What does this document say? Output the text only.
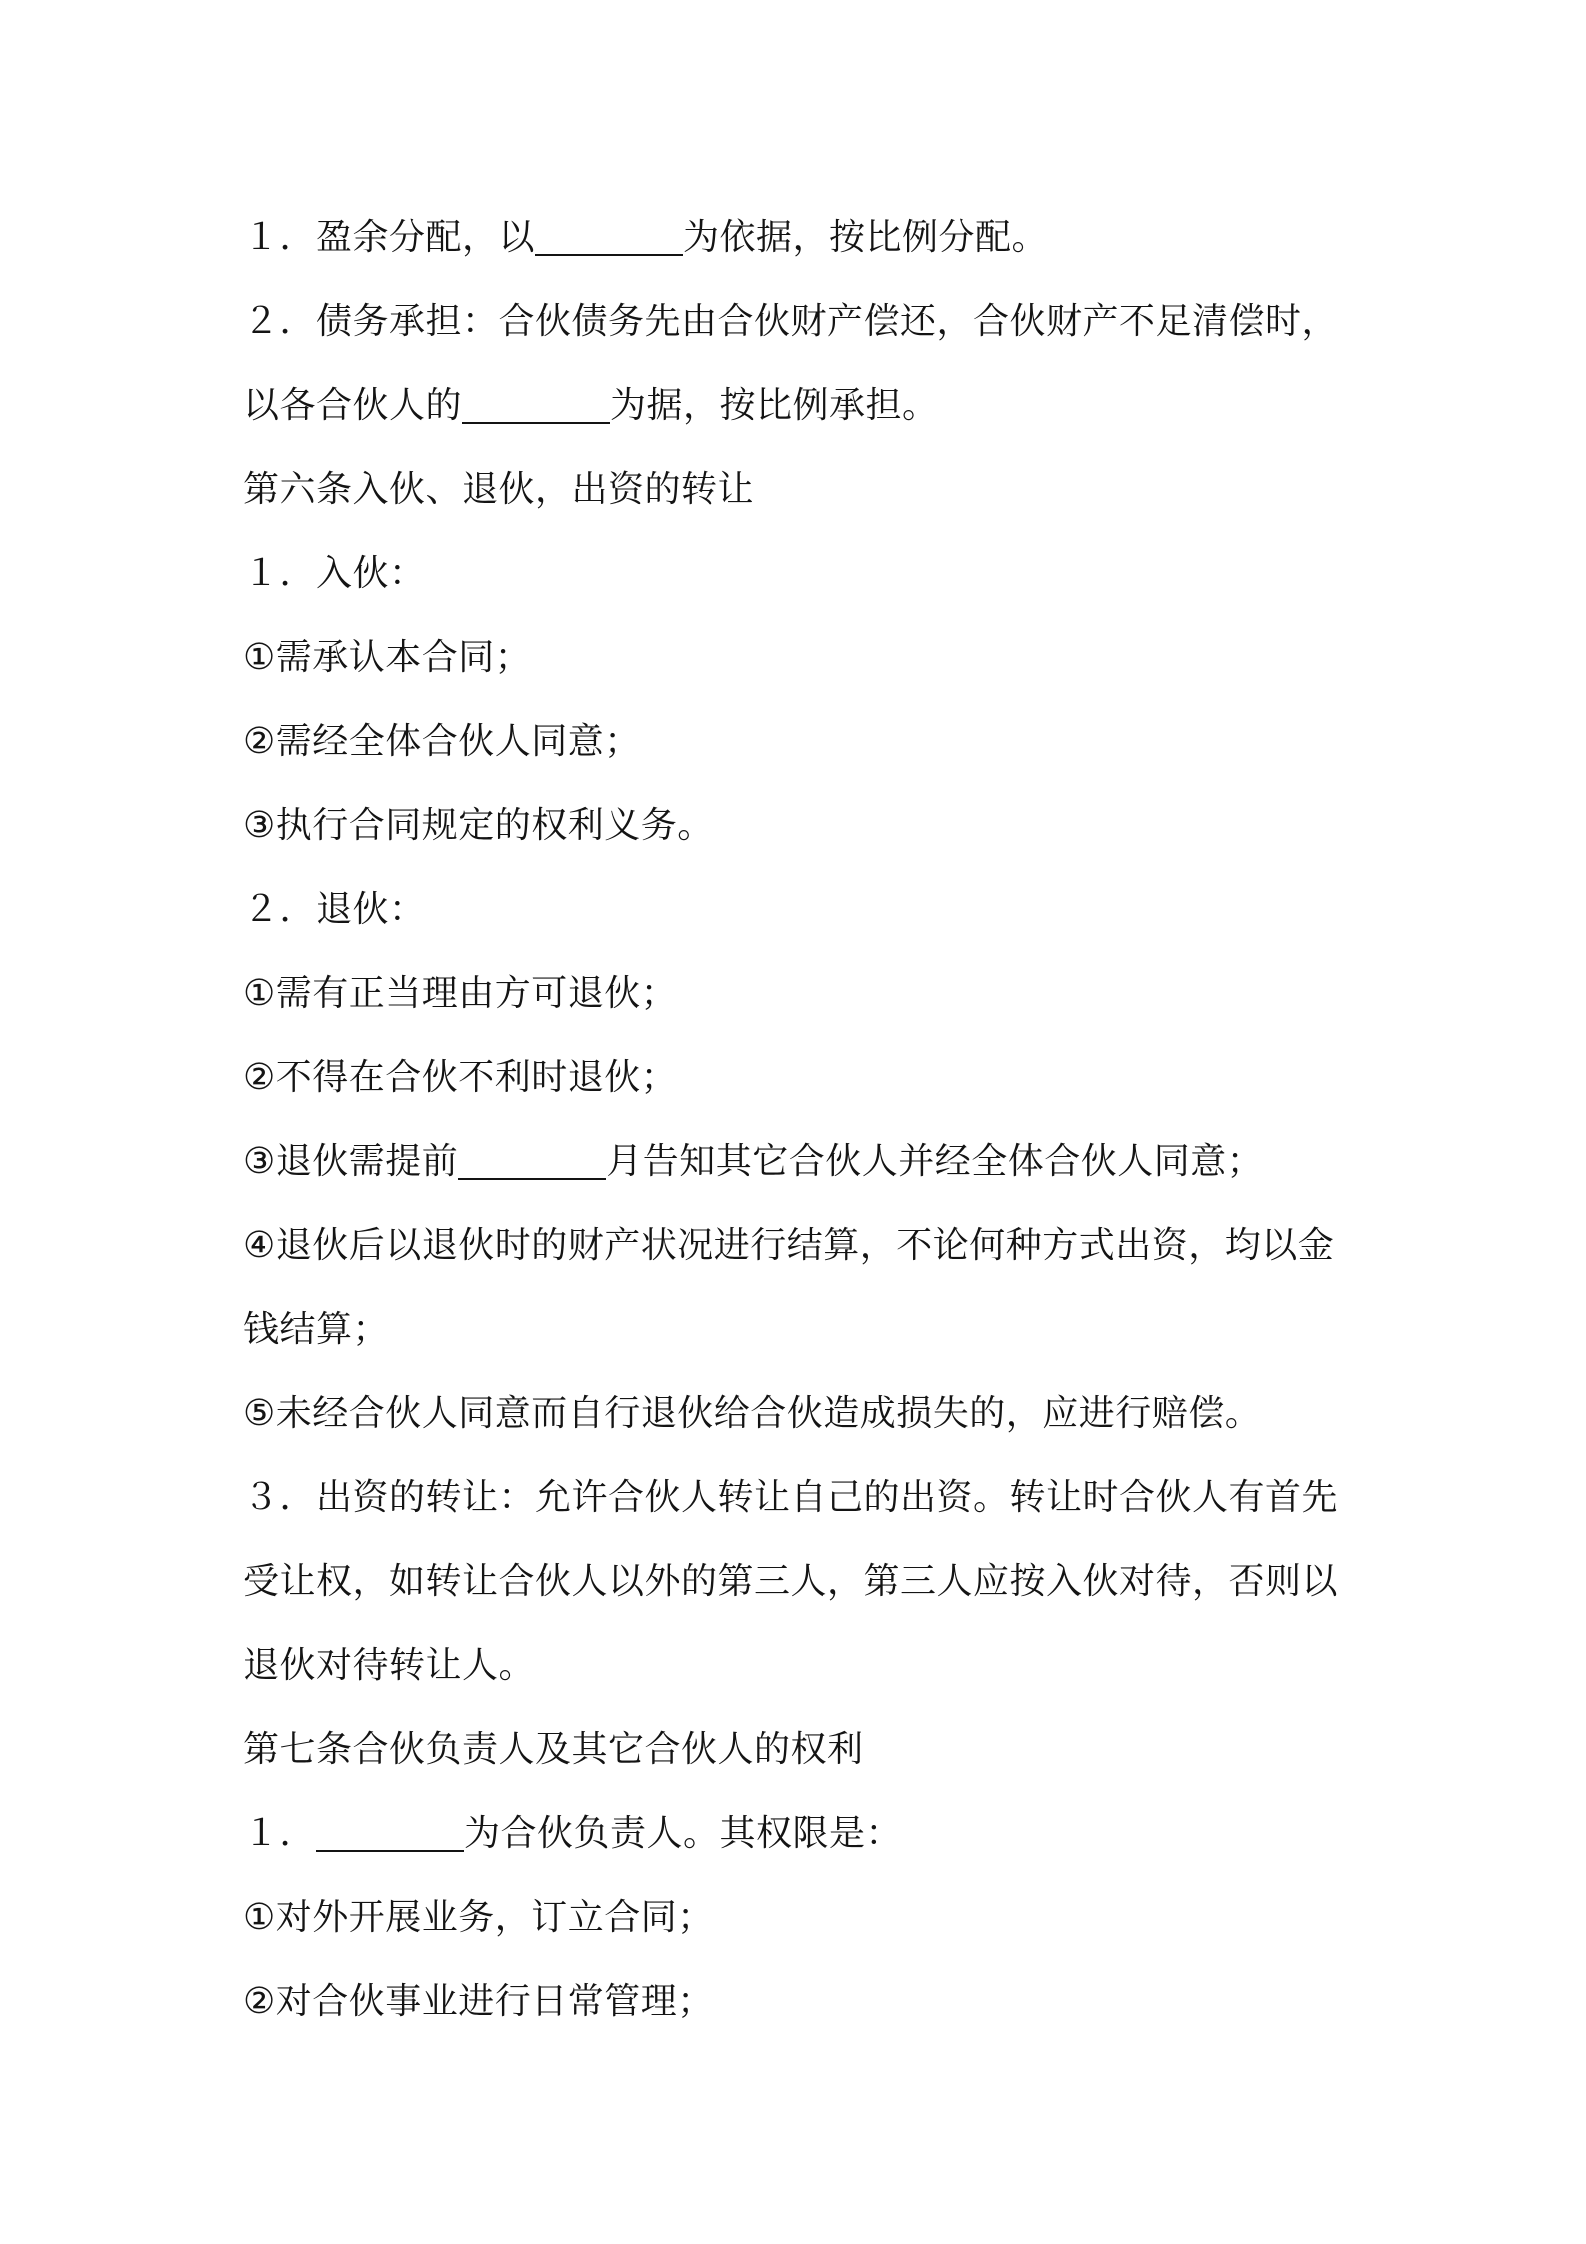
１．盈余分配，以	为依据，按比例分配。
２．债务承担：合伙债务先由合伙财产偿还，合伙财产不足清偿时，
以各合伙人的	为据，按比例承担。
第六条入伙、退伙，出资的转让
１．入伙：
①需承认本合同；
②需经全体合伙人同意；
③执行合同规定的权利义务。
２．退伙：
①需有正当理由方可退伙；
②不得在合伙不利时退伙；
③退伙需提前	月告知其它合伙人并经全体合伙人同意；
④退伙后以退伙时的财产状况进行结算，不论何种方式出资，均以金
钱结算；
⑤未经合伙人同意而自行退伙给合伙造成损失的，应进行赔偿。
３．出资的转让：允许合伙人转让自己的出资。转让时合伙人有首先
受让权，如转让合伙人以外的第三人，第三人应按入伙对待，否则以
退伙对待转让人。
第七条合伙负责人及其它合伙人的权利
１．	为合伙负责人。其权限是：
①对外开展业务，订立合同；
②对合伙事业进行日常管理；
